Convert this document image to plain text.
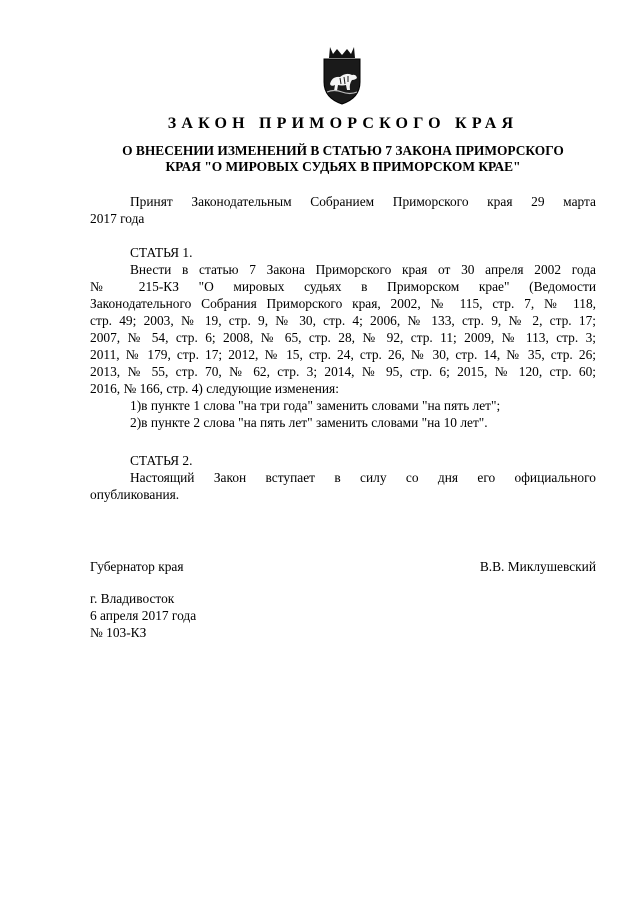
ЗАКОН ПРИМОРСКОГО КРАЯ
О ВНЕСЕНИИ ИЗМЕНЕНИЙ В СТАТЬЮ 7 ЗАКОНА ПРИМОРСКОГО
КРАЯ "О МИРОВЫХ СУДЬЯХ В ПРИМОРСКОМ КРАЕ"
Принят Законодательным Собранием Приморского края 29 марта
2017 года
СТАТЬЯ 1.
Внести в статью 7 Закона Приморского края от 30 апреля 2002 года
№ 215-КЗ "О мировых судьях в Приморском крае" (Ведомости
Законодательного Собрания Приморского края, 2002, № 115, стр. 7, № 118,
стр. 49; 2003, № 19, стр. 9, № 30, стр. 4; 2006, № 133, стр. 9, № 2, стр. 17;
2007, № 54, стр. 6; 2008, № 65, стр. 28, № 92, стр. 11; 2009, № 113, стр. 3;
2011, № 179, стр. 17; 2012, № 15, стр. 24, стр. 26, № 30, стр. 14, № 35, стр. 26;
2013, № 55, стр. 70, № 62, стр. 3; 2014, № 95, стр. 6; 2015, № 120, стр. 60;
2016, № 166, стр. 4) следующие изменения:
1)в пункте 1 слова "на три года" заменить словами "на пять лет";
2)в пункте 2 слова "на пять лет" заменить словами "на 10 лет".
СТАТЬЯ 2.
Настоящий Закон вступает в силу со дня его официального
опубликования.
Губернатор края	В.В. Миклушевский
г. Владивосток
6 апреля 2017 года
№ 103-КЗ
